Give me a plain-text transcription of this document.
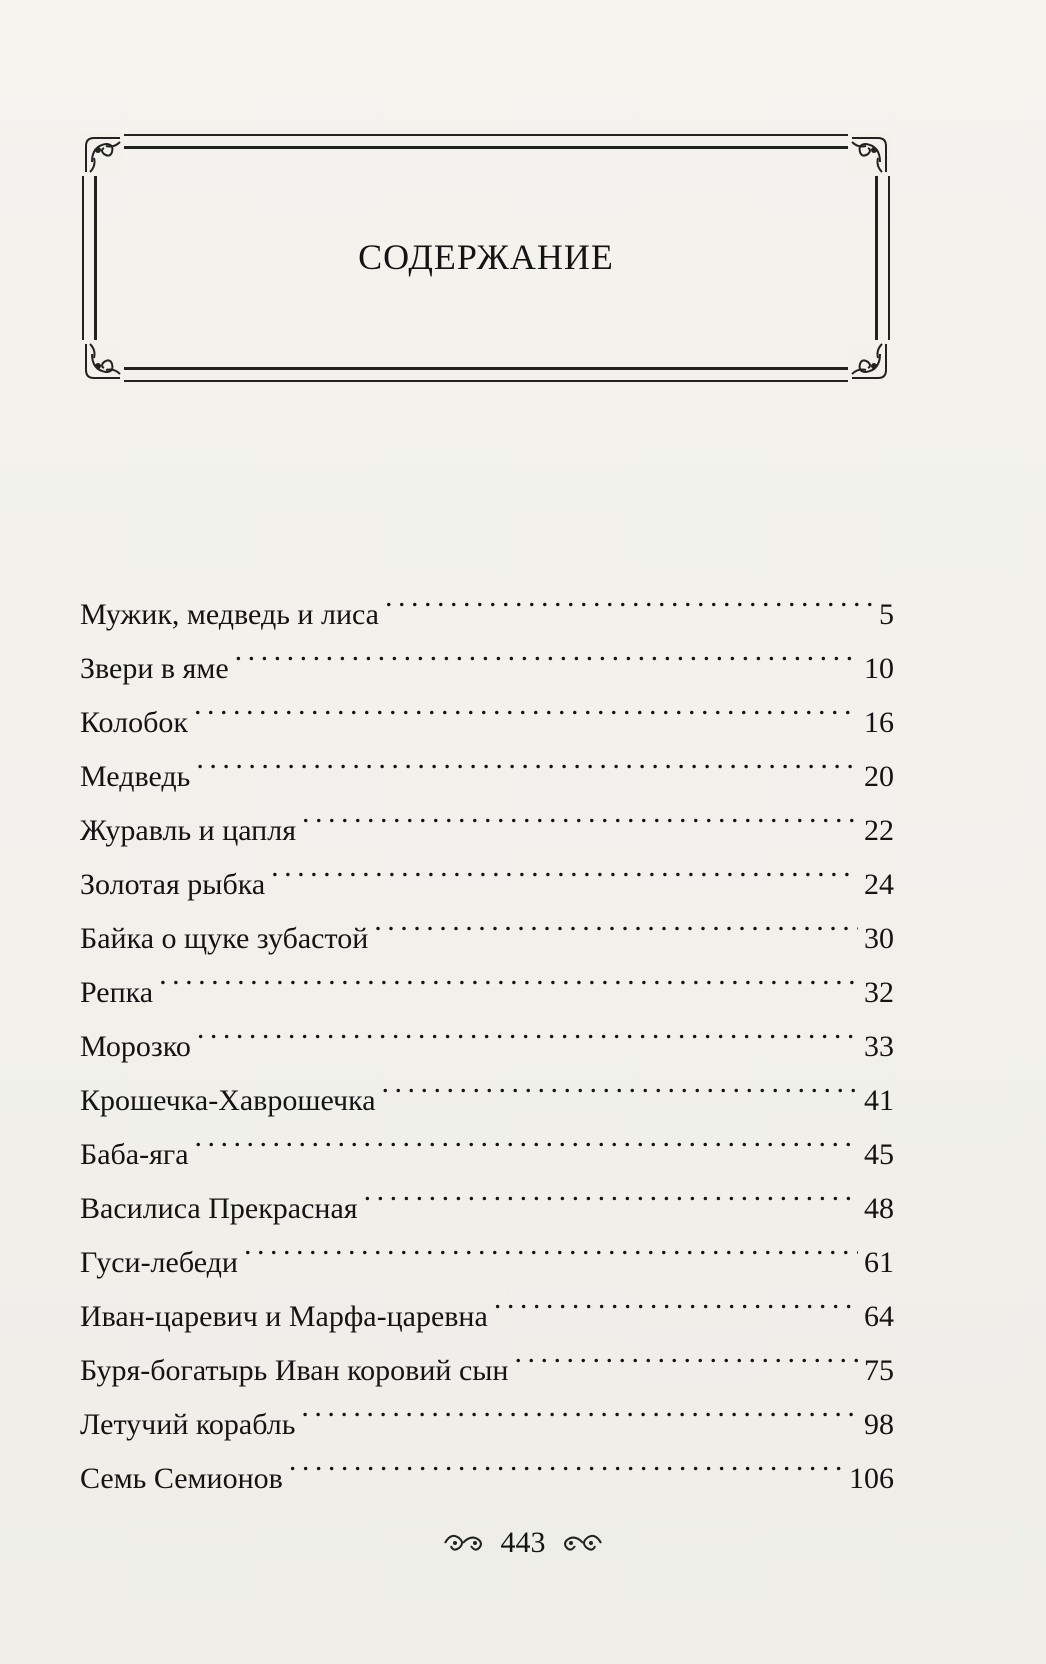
СОДЕРЖАНИЕ
Мужик, медведь и лиса . . .	5
Звери в яме . . .	10
Колобок . . .	16
Медведь . . .	20
Журавль и цапля . . .	22
Золотая рыбка . . .	24
Байка о щуке зубастой . . .	30
Репка . . .	32
Морозко . . .	33
Крошечка-Хаврошечка . . .	41
Баба-яга . . .	45
Василиса Прекрасная . . .	48
Гуси-лебеди . . .	61
Иван-царевич и Марфа-царевна . . .	64
Буря-богатырь Иван коровий сын . . .	75
Летучий корабль . . .	98
Семь Семионов . . .	106
443
